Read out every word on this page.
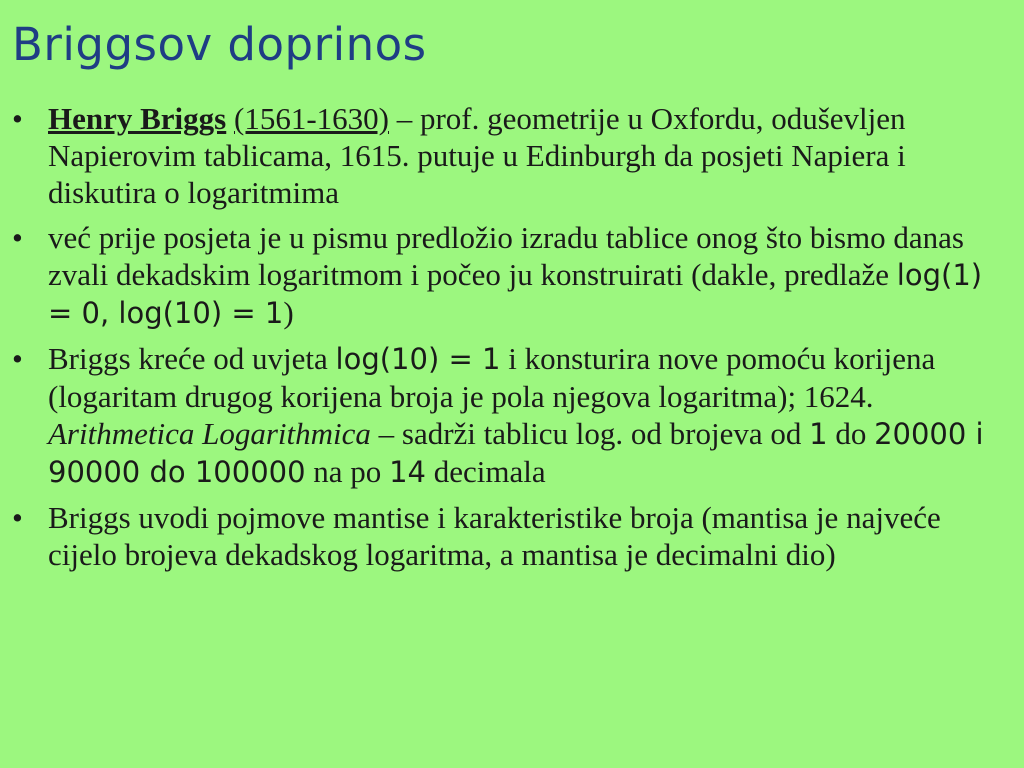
Briggsov doprinos
• Henry Briggs (1561-1630) – prof. geometrije u Oxfordu, oduševljen Napierovim tablicama, 1615. putuje u Edinburgh da posjeti Napiera i diskutira o logaritmima
• već prije posjeta je u pismu predložio izradu tablice onog što bismo danas zvali dekadskim logaritmom i počeo ju konstruirati (dakle, predlaže log(1) = 0, log(10) = 1)
• Briggs kreće od uvjeta log(10) = 1 i konsturira nove pomoću korijena (logaritam drugog korijena broja je pola njegova logaritma); 1624. Arithmetica Logarithmica – sadrži tablicu log. od brojeva od 1 do 20000 i 90000 do 100000 na po 14 decimala
• Briggs uvodi pojmove mantise i karakteristike broja (mantisa je najveće cijelo brojeva dekadskog logaritma, a mantisa je decimalni dio)
